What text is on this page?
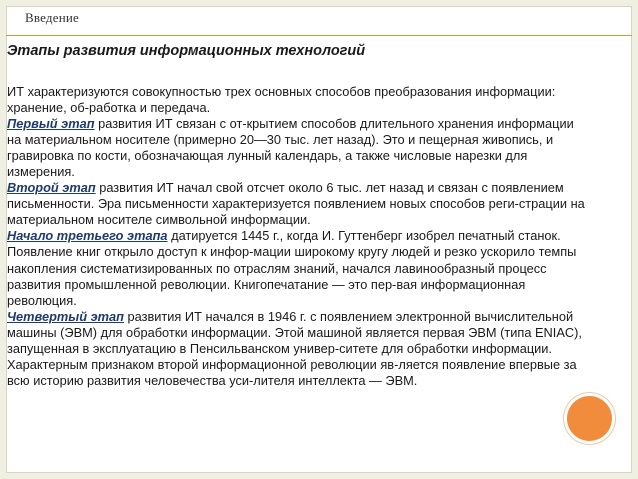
Введение
Этапы развития информационных технологий

ИТ характеризуются совокупностью трех основных способов преобразования информации: хранение, об-работка и передача.

Первый этап развития ИТ связан с от-крытием способов длительного хранения информации на материальном носителе (примерно 20—30 тыс. лет назад). Это и пещерная живопись, и гравировка по кости, обозначающая лунный календарь, а также числовые нарезки для измерения.

Второй этап развития ИТ начал свой отсчет около 6 тыс. лет назад и связан с появлением письменности. Эра письменности характеризуется появлением новых способов реги-страции на материальном носителе символьной информации.

Начало третьего этапа датируется 1445 г., когда И. Гуттенберг изобрел печатный станок. Появление книг открыло доступ к инфор-мации широкому кругу людей и резко ускорило темпы накопления систематизированных по отраслям знаний, начался лавинообразный процесс развития промышленной революции. Книгопечатание — это пер-вая информационная революция.

Четвертый этап развития ИТ начался в 1946 г. с появлением электронной вычислительной машины (ЭВМ) для обработки информации. Этой машиной является первая ЭВМ (типа ENIAC), запущенная в эксплуатацию в Пенсильванском универ-ситете для обработки информации. Характерным признаком второй информационной революции яв-ляется появление впервые за всю историю развития человечества уси-лителя интеллекта — ЭВМ.
